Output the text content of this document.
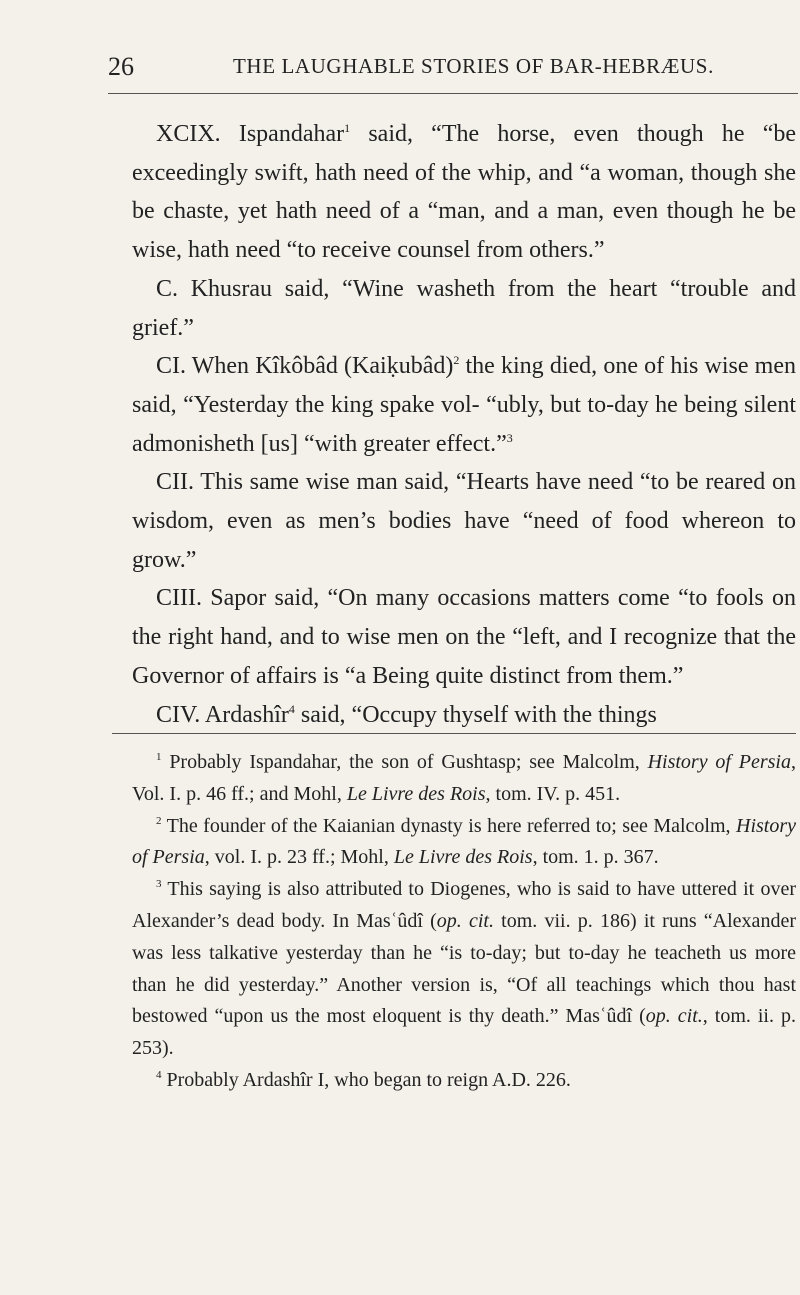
26	THE LAUGHABLE STORIES OF BAR-HEBRÆUS.

XCIX. Ispandahar$^1$ said, “The horse, even though he “be exceedingly swift, hath need of the whip, and “a woman, though she be chaste, yet hath need of a “man, and a man, even though he be wise, hath need “to receive counsel from others.”

C. Khusrau said, “Wine washeth from the heart “trouble and grief.”

CI. When Kîkôbâd (Kaiḳubâd)$^2$ the king died, one of his wise men said, “Yesterday the king spake vol- “ubly, but to-day he being silent admonisheth [us] “with greater effect.”$^3$

CII. This same wise man said, “Hearts have need “to be reared on wisdom, even as men’s bodies have “need of food whereon to grow.”

CIII. Sapor said, “On many occasions matters come “to fools on the right hand, and to wise men on the “left, and I recognize that the Governor of affairs is “a Being quite distinct from them.”

CIV. Ardashîr$^4$ said, “Occupy thyself with the things

$^1$ Probably Ispandahar, the son of Gushtasp; see Malcolm, History of Persia, Vol. I. p. 46 ff.; and Mohl, Le Livre des Rois, tom. IV. p. 451.

$^2$ The founder of the Kaianian dynasty is here referred to; see Malcolm, History of Persia, vol. I. p. 23 ff.; Mohl, Le Livre des Rois, tom. 1. p. 367.

$^3$ This saying is also attributed to Diogenes, who is said to have uttered it over Alexander’s dead body. In Masʿûdî (op. cit. tom. vii. p. 186) it runs “Alexander was less talkative yesterday than he “is to-day; but to-day he teacheth us more than he did yesterday.” Another version is, “Of all teachings which thou hast bestowed “upon us the most eloquent is thy death.” Masʿûdî (op. cit., tom. ii. p. 253).

$^4$ Probably Ardashîr I, who began to reign A.D. 226.
